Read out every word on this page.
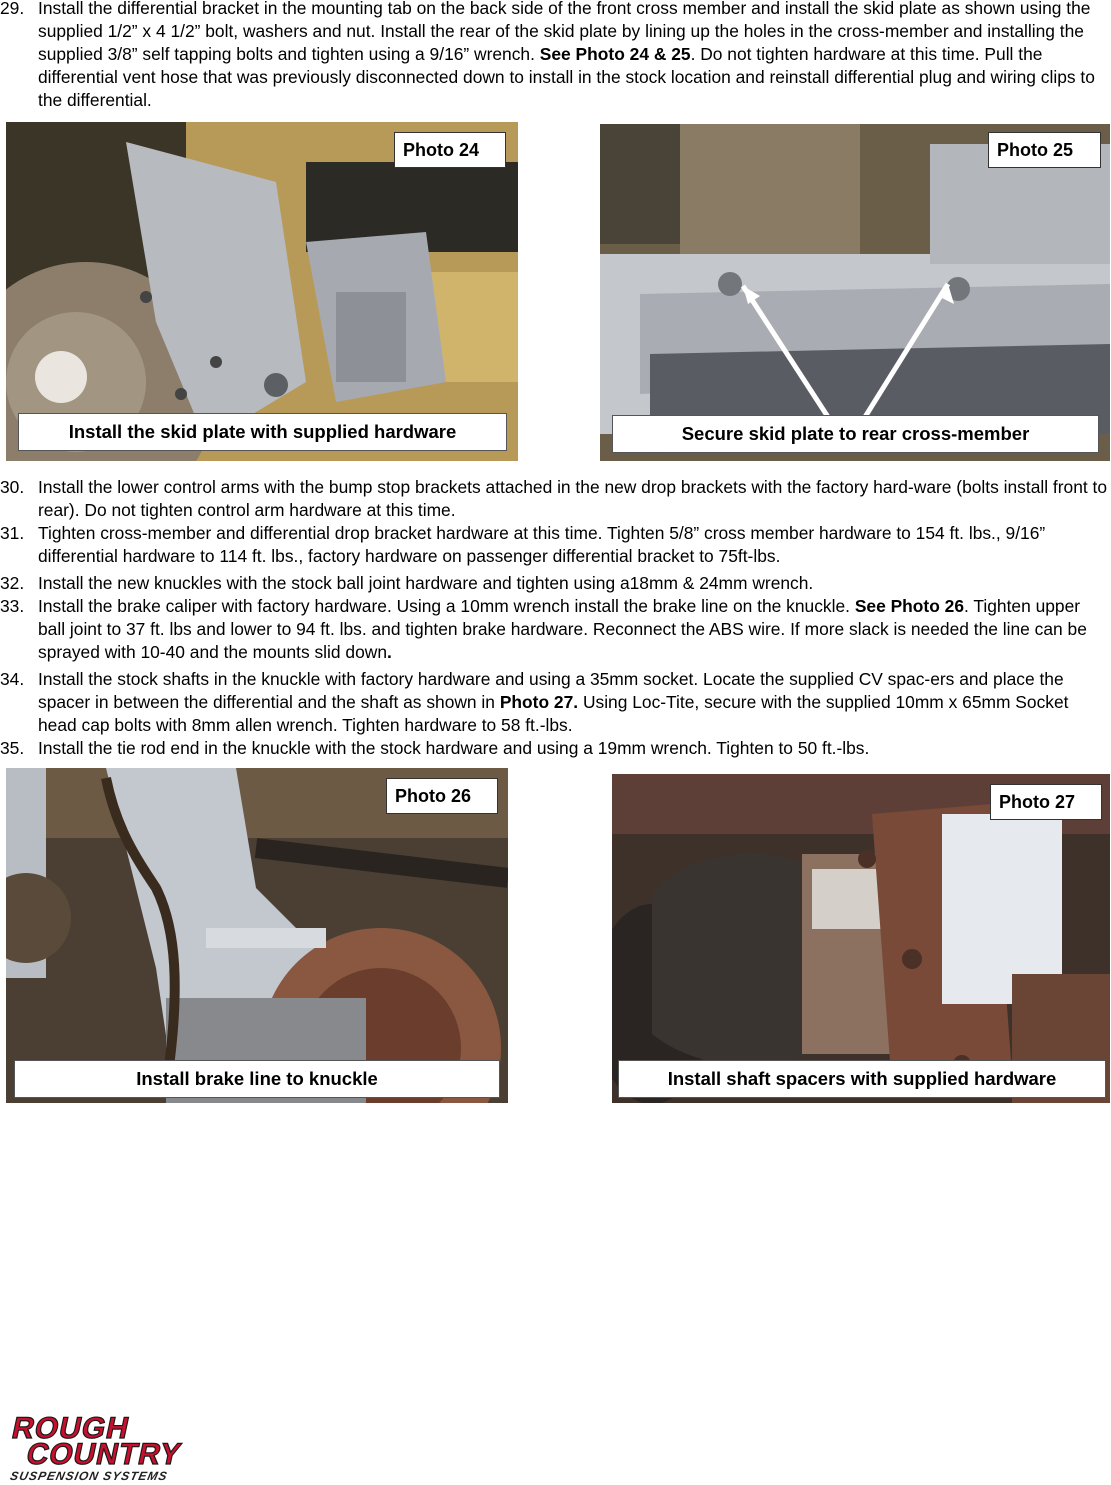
29. Install the differential bracket in the mounting tab on the back side of the front cross member and install the skid plate as shown using the supplied 1/2” x 4 1/2” bolt, washers and nut. Install the rear of the skid plate by lining up the holes in the cross-member and installing the supplied 3/8” self tapping bolts and tighten using a 9/16” wrench. See Photo 24 & 25. Do not tighten hardware at this time. Pull the differential vent hose that was previously disconnected down to install in the stock location and reinstall differential plug and wiring clips to the differential.
Photo 24
Install the skid plate with supplied hardware
Photo 25
Secure skid plate to rear cross-member
30. Install the lower control arms with the bump stop brackets attached in the new drop brackets with the factory hard-ware (bolts install front to rear). Do not tighten control arm hardware at this time.
31. Tighten cross-member and differential drop bracket hardware at this time. Tighten 5/8” cross member hardware to 154 ft. lbs., 9/16” differential hardware to 114 ft. lbs., factory hardware on passenger differential bracket to 75ft-lbs.
32. Install the new knuckles with the stock ball joint hardware and tighten using a18mm & 24mm wrench.
33. Install the brake caliper with factory hardware. Using a 10mm wrench install the brake line on the knuckle. See Photo 26. Tighten upper ball joint to 37 ft. lbs and lower to 94 ft. lbs. and tighten brake hardware. Reconnect the ABS wire. If more slack is needed the line can be sprayed with 10-40 and the mounts slid down.
34. Install the stock shafts in the knuckle with factory hardware and using a 35mm socket. Locate the supplied CV spac-ers and place the spacer in between the differential and the shaft as shown in Photo 27. Using Loc-Tite, secure with the supplied 10mm x 65mm Socket head cap bolts with 8mm allen wrench. Tighten hardware to 58 ft.-lbs.
35. Install the tie rod end in the knuckle with the stock hardware and using a 19mm wrench. Tighten to 50 ft.-lbs.
Photo 26
Install brake line to knuckle
Photo 27
Install shaft spacers with supplied hardware
ROUGH
COUNTRY
SUSPENSION SYSTEMS
